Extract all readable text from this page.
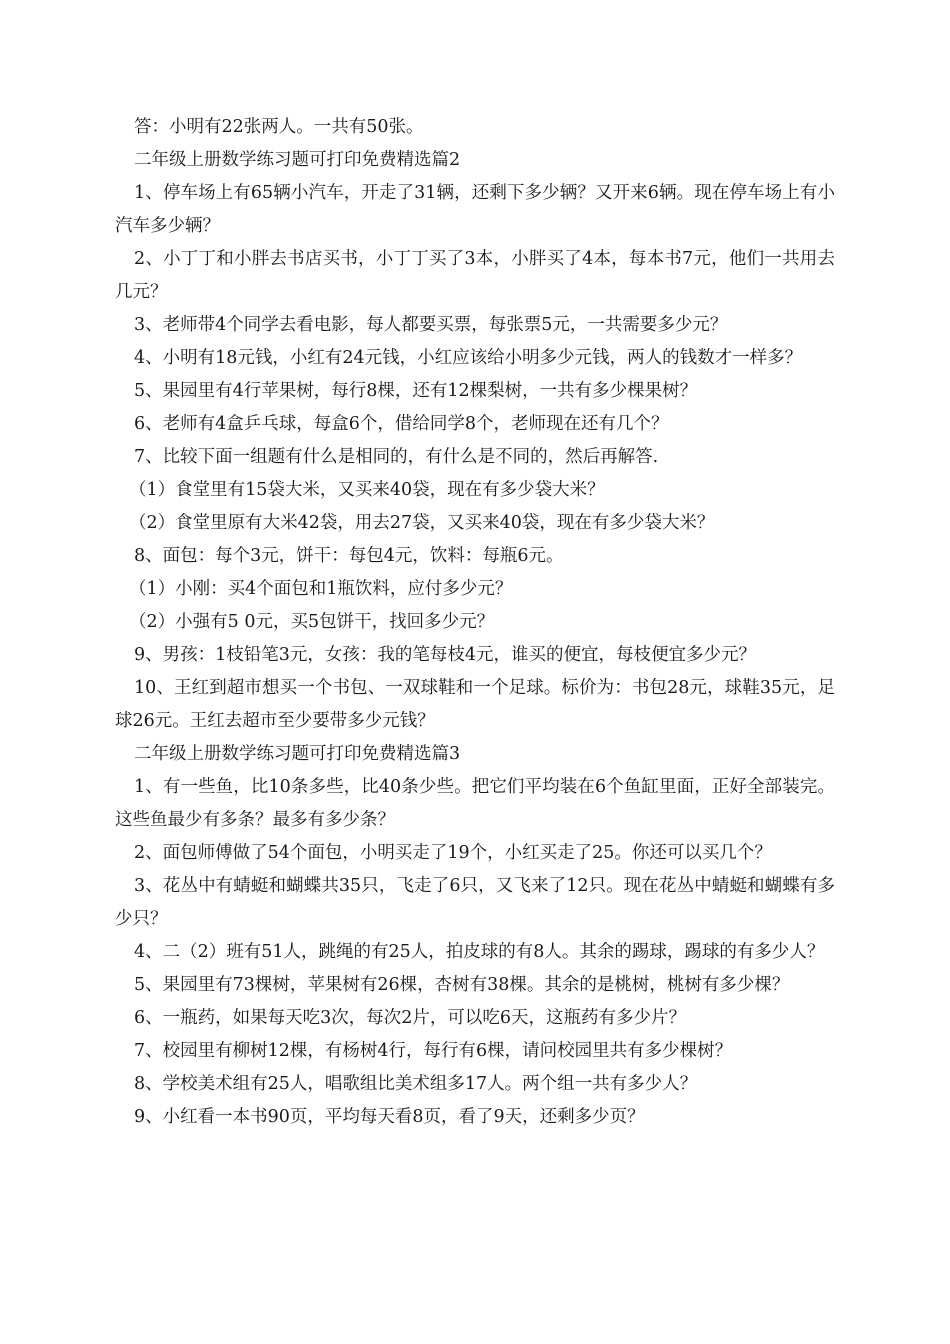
答：小明有22张两人。一共有50张。

二年级上册数学练习题可打印免费精选篇2

1、停车场上有65辆小汽车，开走了31辆，还剩下多少辆？又开来6辆。现在停车场上有小汽车多少辆？

2、小丁丁和小胖去书店买书，小丁丁买了3本，小胖买了4本，每本书7元，他们一共用去几元？

3、老师带4个同学去看电影，每人都要买票，每张票5元，一共需要多少元？

4、小明有18元钱，小红有24元钱，小红应该给小明多少元钱，两人的钱数才一样多？

5、果园里有4行苹果树，每行8棵，还有12棵梨树，一共有多少棵果树？

6、老师有4盒乒乓球，每盒6个，借给同学8个，老师现在还有几个？

7、比较下面一组题有什么是相同的，有什么是不同的，然后再解答.

（1）食堂里有15袋大米，又买来40袋，现在有多少袋大米？

（2）食堂里原有大米42袋，用去27袋，又买来40袋，现在有多少袋大米？

8、面包：每个3元，饼干：每包4元，饮料：每瓶6元。

（1）小刚：买4个面包和1瓶饮料，应付多少元？

（2）小强有5 0元，买5包饼干，找回多少元？

9、男孩：1枝铅笔3元，女孩：我的笔每枝4元，谁买的便宜，每枝便宜多少元？

10、王红到超市想买一个书包、一双球鞋和一个足球。标价为：书包28元，球鞋35元，足球26元。王红去超市至少要带多少元钱？

二年级上册数学练习题可打印免费精选篇3

1、有一些鱼，比10条多些，比40条少些。把它们平均装在6个鱼缸里面，正好全部装完。这些鱼最少有多条？最多有多少条？

2、面包师傅做了54个面包，小明买走了19个，小红买走了25。你还可以买几个？

3、花丛中有蜻蜓和蝴蝶共35只，飞走了6只，又飞来了12只。现在花丛中蜻蜓和蝴蝶有多少只？

4、二（2）班有51人，跳绳的有25人，拍皮球的有8人。其余的踢球，踢球的有多少人？

5、果园里有73棵树，苹果树有26棵，杏树有38棵。其余的是桃树，桃树有多少棵？

6、一瓶药，如果每天吃3次，每次2片，可以吃6天，这瓶药有多少片？

7、校园里有柳树12棵，有杨树4行，每行有6棵，请问校园里共有多少棵树？

8、学校美术组有25人，唱歌组比美术组多17人。两个组一共有多少人？

9、小红看一本书90页，平均每天看8页，看了9天，还剩多少页？
